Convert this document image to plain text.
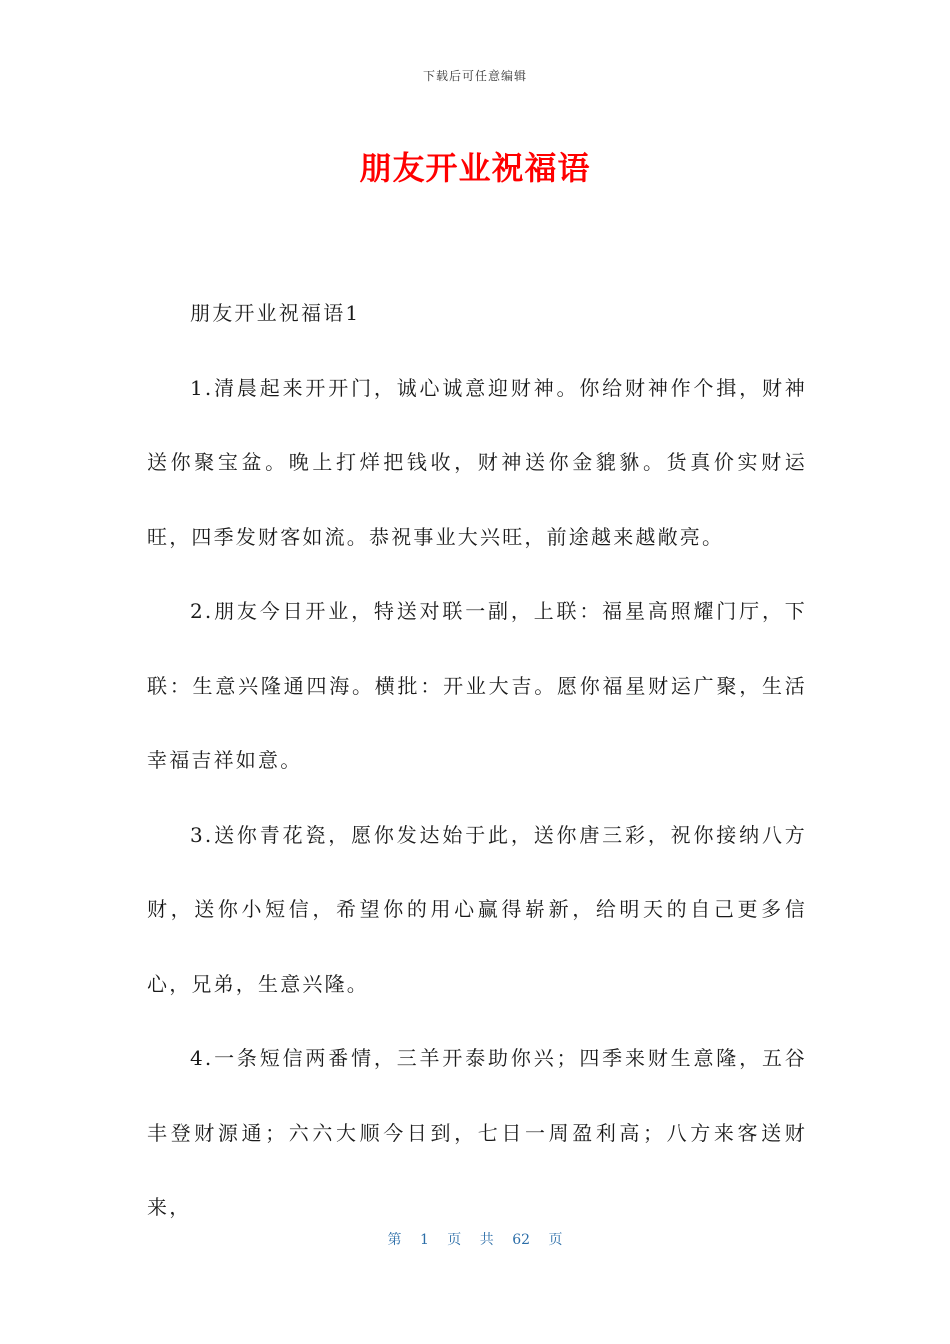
下载后可任意编辑
朋友开业祝福语

朋友开业祝福语1

1.清晨起来开开门，诚心诚意迎财神。你给财神作个揖，财神送你聚宝盆。晚上打烊把钱收，财神送你金貔貅。货真价实财运旺，四季发财客如流。恭祝事业大兴旺，前途越来越敞亮。

2.朋友今日开业，特送对联一副，上联：福星高照耀门厅，下联：生意兴隆通四海。横批：开业大吉。愿你福星财运广聚，生活幸福吉祥如意。

3.送你青花瓷，愿你发达始于此，送你唐三彩，祝你接纳八方财，送你小短信，希望你的用心赢得崭新，给明天的自己更多信心，兄弟，生意兴隆。

4.一条短信两番情，三羊开泰助你兴；四季来财生意隆，五谷丰登财源通；六六大顺今日到，七日一周盈利高；八方来客送财来，

第 1 页 共 62 页
